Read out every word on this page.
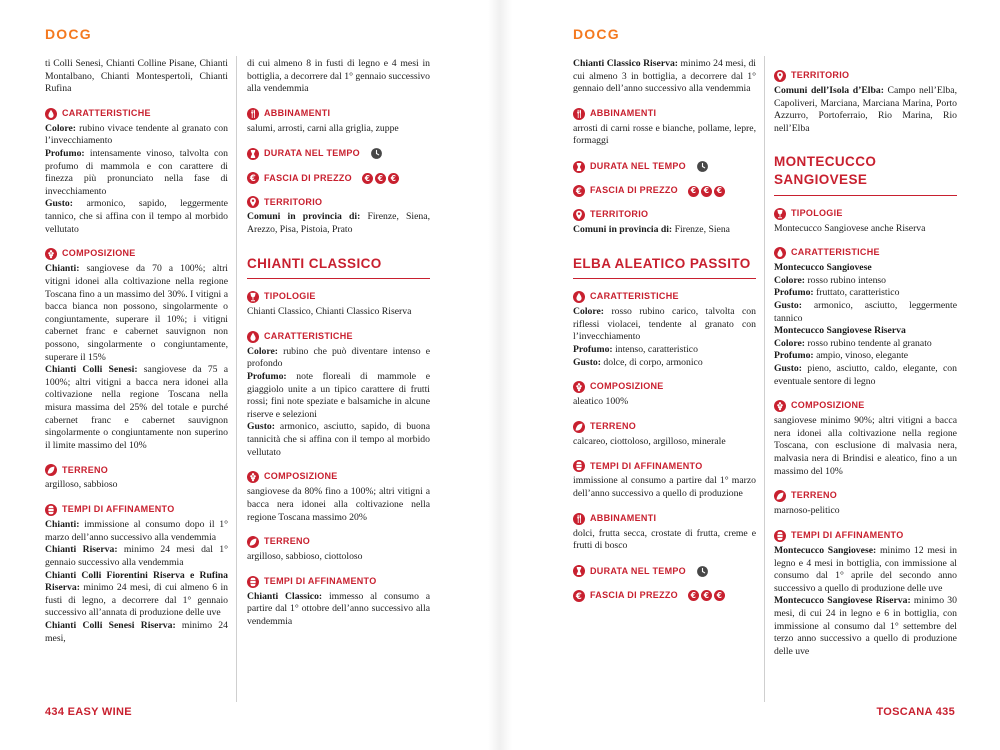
DOCG	DOCG

ti Colli Senesi, Chianti Colline Pisane, Chianti Montalbano, Chianti Montespertoli, Chianti Rufina

CARATTERISTICHE

Colore: rubino vivace tendente al granato con l’invecchiamento

Profumo: intensamente vinoso, talvolta con profumo di mammola e con carattere di finezza più pronunciato nella fase di invecchiamento

Gusto: armonico, sapido, leggermente tannico, che si affina con il tempo al morbido vellutato

COMPOSIZIONE

Chianti: sangiovese da 70 a 100%; altri vitigni idonei alla coltivazione nella regione Toscana fino a un massimo del 30%. I vitigni a bacca bianca non possono, singolarmente o congiuntamente, superare il 10%; i vitigni cabernet franc e cabernet sauvignon non possono, singolarmente o congiuntamente, superare il 15%

Chianti Colli Senesi: sangiovese da 75 a 100%; altri vitigni a bacca nera idonei alla coltivazione nella regione Toscana nella misura massima del 25% del totale e purché cabernet franc e cabernet sauvignon singolarmente o congiuntamente non superino il limite massimo del 10%

TERRENO

argilloso, sabbioso

TEMPI DI AFFINAMENTO

Chianti: immissione al consumo dopo il 1° marzo dell’anno successivo alla vendemmia

Chianti Riserva: minimo 24 mesi dal 1° gennaio successivo alla vendemmia

Chianti Colli Fiorentini Riserva e Rufina Riserva: minimo 24 mesi, di cui almeno 6 in fusti di legno, a decorrere dal 1° gennaio successivo all’annata di produzione delle uve

Chianti Colli Senesi Riserva: minimo 24 mesi,

di cui almeno 8 in fusti di legno e 4 mesi in bottiglia, a decorrere dal 1° gennaio successivo alla vendemmia

ABBINAMENTI

salumi, arrosti, carni alla griglia, zuppe

DURATA NEL TEMPO
€ FASCIA DI PREZZO	€ € €
TERRITORIO

Comuni in provincia di: Firenze, Siena, Arezzo, Pisa, Pistoia, Prato

CHIANTI CLASSICO
TIPOLOGIE

Chianti Classico, Chianti Classico Riserva

CARATTERISTICHE

Colore: rubino che può diventare intenso e profondo

Profumo: note floreali di mammole e giaggiolo unite a un tipico carattere di frutti rossi; fini note speziate e balsamiche in alcune riserve e selezioni

Gusto: armonico, asciutto, sapido, di buona tannicità che si affina con il tempo al morbido vellutato

COMPOSIZIONE

sangiovese da 80% fino a 100%; altri vitigni a bacca nera idonei alla coltivazione nella regione Toscana massimo 20%

TERRENO

argilloso, sabbioso, ciottoloso

TEMPI DI AFFINAMENTO

Chianti Classico: immesso al consumo a partire dal 1° ottobre dell’anno successivo alla vendemmia

Chianti Classico Riserva: minimo 24 mesi, di cui almeno 3 in bottiglia, a decorrere dal 1° gennaio dell’anno successivo alla vendemmia

ABBINAMENTI

arrosti di carni rosse e bianche, pollame, lepre, formaggi

DURATA NEL TEMPO
€ FASCIA DI PREZZO	€ € €
TERRITORIO

Comuni in provincia di: Firenze, Siena

ELBA ALEATICO PASSITO
CARATTERISTICHE

Colore: rosso rubino carico, talvolta con riflessi violacei, tendente al granato con l’invecchiamento

Profumo: intenso, caratteristico

Gusto: dolce, di corpo, armonico

COMPOSIZIONE

aleatico 100%

TERRENO

calcareo, ciottoloso, argilloso, minerale

TEMPI DI AFFINAMENTO

immissione al consumo a partire dal 1° marzo dell’anno successivo a quello di produzione

ABBINAMENTI

dolci, frutta secca, crostate di frutta, creme e frutti di bosco

DURATA NEL TEMPO
€ FASCIA DI PREZZO	€ € €
TERRITORIO

Comuni dell’Isola d’Elba: Campo nell’Elba, Capoliveri, Marciana, Marciana Marina, Porto Azzurro, Portoferraio, Rio Marina, Rio nell’Elba

MONTECUCCO SANGIOVESE
TIPOLOGIE

Montecucco Sangiovese anche Riserva

CARATTERISTICHE

Montecucco Sangiovese

Colore: rosso rubino intenso

Profumo: fruttato, caratteristico

Gusto: armonico, asciutto, leggermente tannico

Montecucco Sangiovese Riserva

Colore: rosso rubino tendente al granato

Profumo: ampio, vinoso, elegante

Gusto: pieno, asciutto, caldo, elegante, con eventuale sentore di legno

COMPOSIZIONE

sangiovese minimo 90%; altri vitigni a bacca nera idonei alla coltivazione nella regione Toscana, con esclusione di malvasia nera, malvasia nera di Brindisi e aleatico, fino a un massimo del 10%

TERRENO

marnoso-pelitico

TEMPI DI AFFINAMENTO

Montecucco Sangiovese: minimo 12 mesi in legno e 4 mesi in bottiglia, con immissione al consumo dal 1° aprile del secondo anno successivo a quello di produzione delle uve

Montecucco Sangiovese Riserva: minimo 30 mesi, di cui 24 in legno e 6 in bottiglia, con immissione al consumo dal 1° settembre del terzo anno successivo a quello di produzione delle uve

434 EASY WINE	TOSCANA 435
